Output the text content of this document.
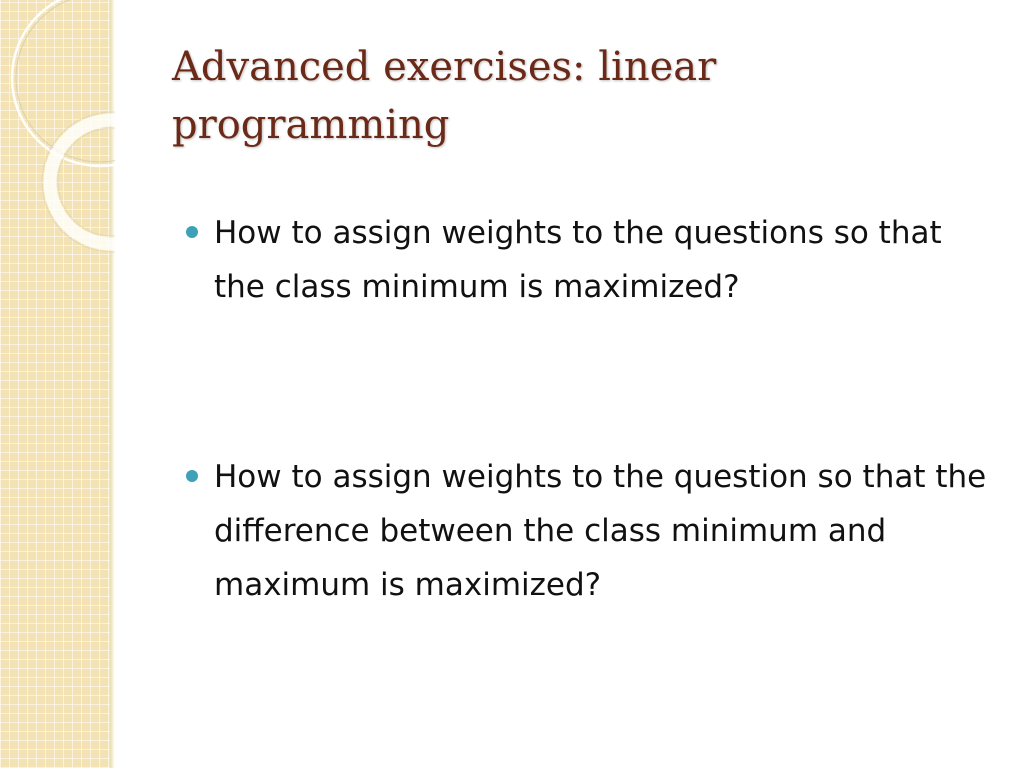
Advanced exercises: linear programming
How to assign weights to the questions so that the class minimum is maximized?
How to assign weights to the question so that the difference between the class minimum and maximum is maximized?
